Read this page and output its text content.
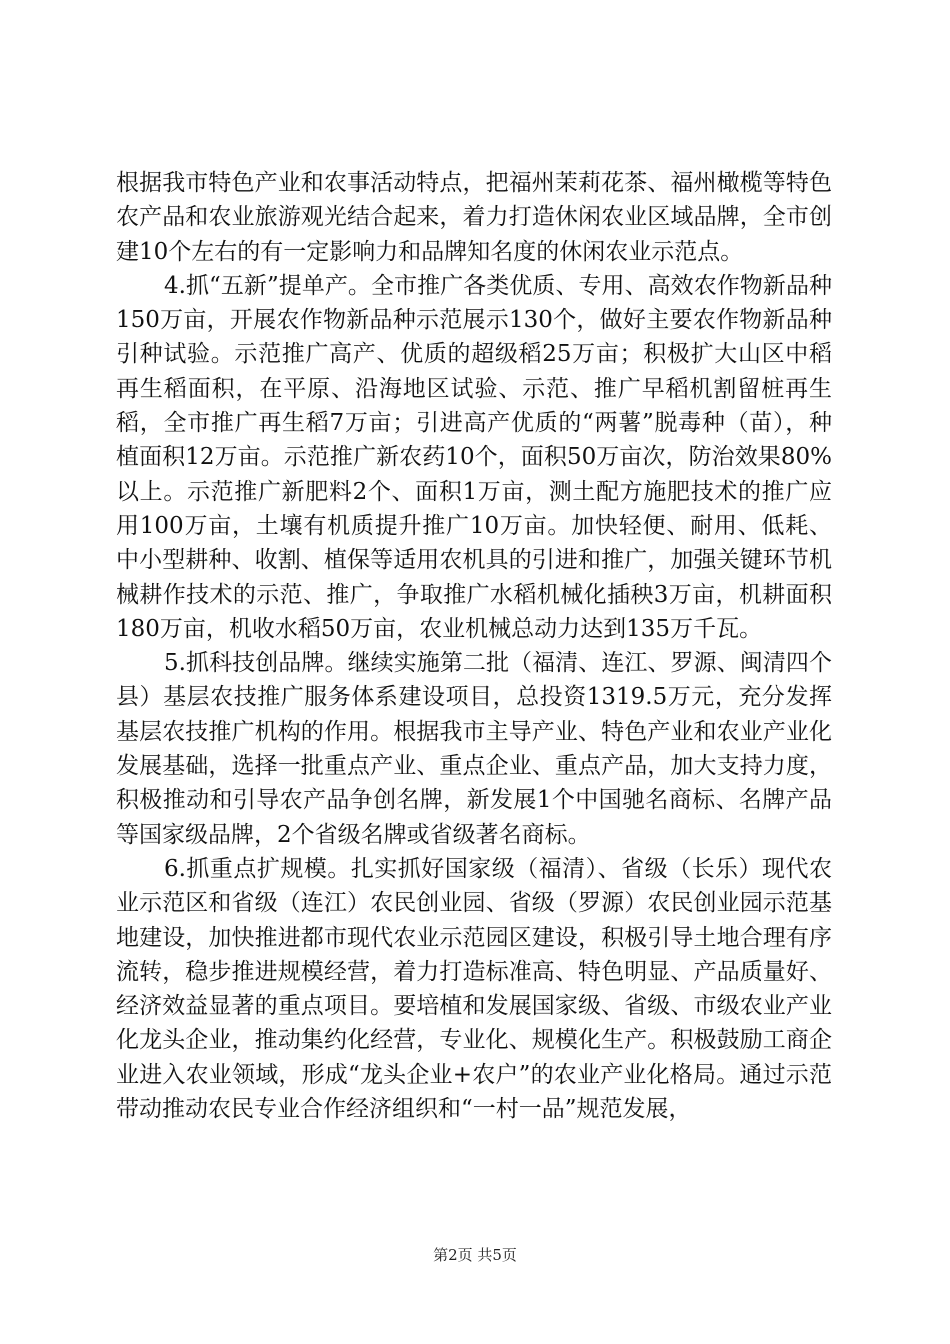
根据我市特色产业和农事活动特点，把福州茉莉花茶、福州橄榄等特色农产品和农业旅游观光结合起来，着力打造休闲农业区域品牌，全市创建10个左右的有一定影响力和品牌知名度的休闲农业示范点。

4.抓“五新”提单产。全市推广各类优质、专用、高效农作物新品种150万亩，开展农作物新品种示范展示130个，做好主要农作物新品种引种试验。示范推广高产、优质的超级稻25万亩；积极扩大山区中稻再生稻面积，在平原、沿海地区试验、示范、推广早稻机割留桩再生稻，全市推广再生稻7万亩；引进高产优质的“两薯”脱毒种（苗），种植面积12万亩。示范推广新农药10个，面积50万亩次，防治效果80%以上。示范推广新肥料2个、面积1万亩，测土配方施肥技术的推广应用100万亩，土壤有机质提升推广10万亩。加快轻便、耐用、低耗、中小型耕种、收割、植保等适用农机具的引进和推广，加强关键环节机械耕作技术的示范、推广，争取推广水稻机械化插秧3万亩，机耕面积180万亩，机收水稻50万亩，农业机械总动力达到135万千瓦。

5.抓科技创品牌。继续实施第二批（福清、连江、罗源、闽清四个县）基层农技推广服务体系建设项目，总投资1319.5万元，充分发挥基层农技推广机构的作用。根据我市主导产业、特色产业和农业产业化发展基础，选择一批重点产业、重点企业、重点产品，加大支持力度，积极推动和引导农产品争创名牌，新发展1个中国驰名商标、名牌产品等国家级品牌，2个省级名牌或省级著名商标。

6.抓重点扩规模。扎实抓好国家级（福清）、省级（长乐）现代农业示范区和省级（连江）农民创业园、省级（罗源）农民创业园示范基地建设，加快推进都市现代农业示范园区建设，积极引导土地合理有序流转，稳步推进规模经营，着力打造标准高、特色明显、产品质量好、经济效益显著的重点项目。要培植和发展国家级、省级、市级农业产业化龙头企业，推动集约化经营，专业化、规模化生产。积极鼓励工商企业进入农业领域，形成“龙头企业+农户”的农业产业化格局。通过示范带动推动农民专业合作经济组织和“一村一品”规范发展，

第2页 共5页
